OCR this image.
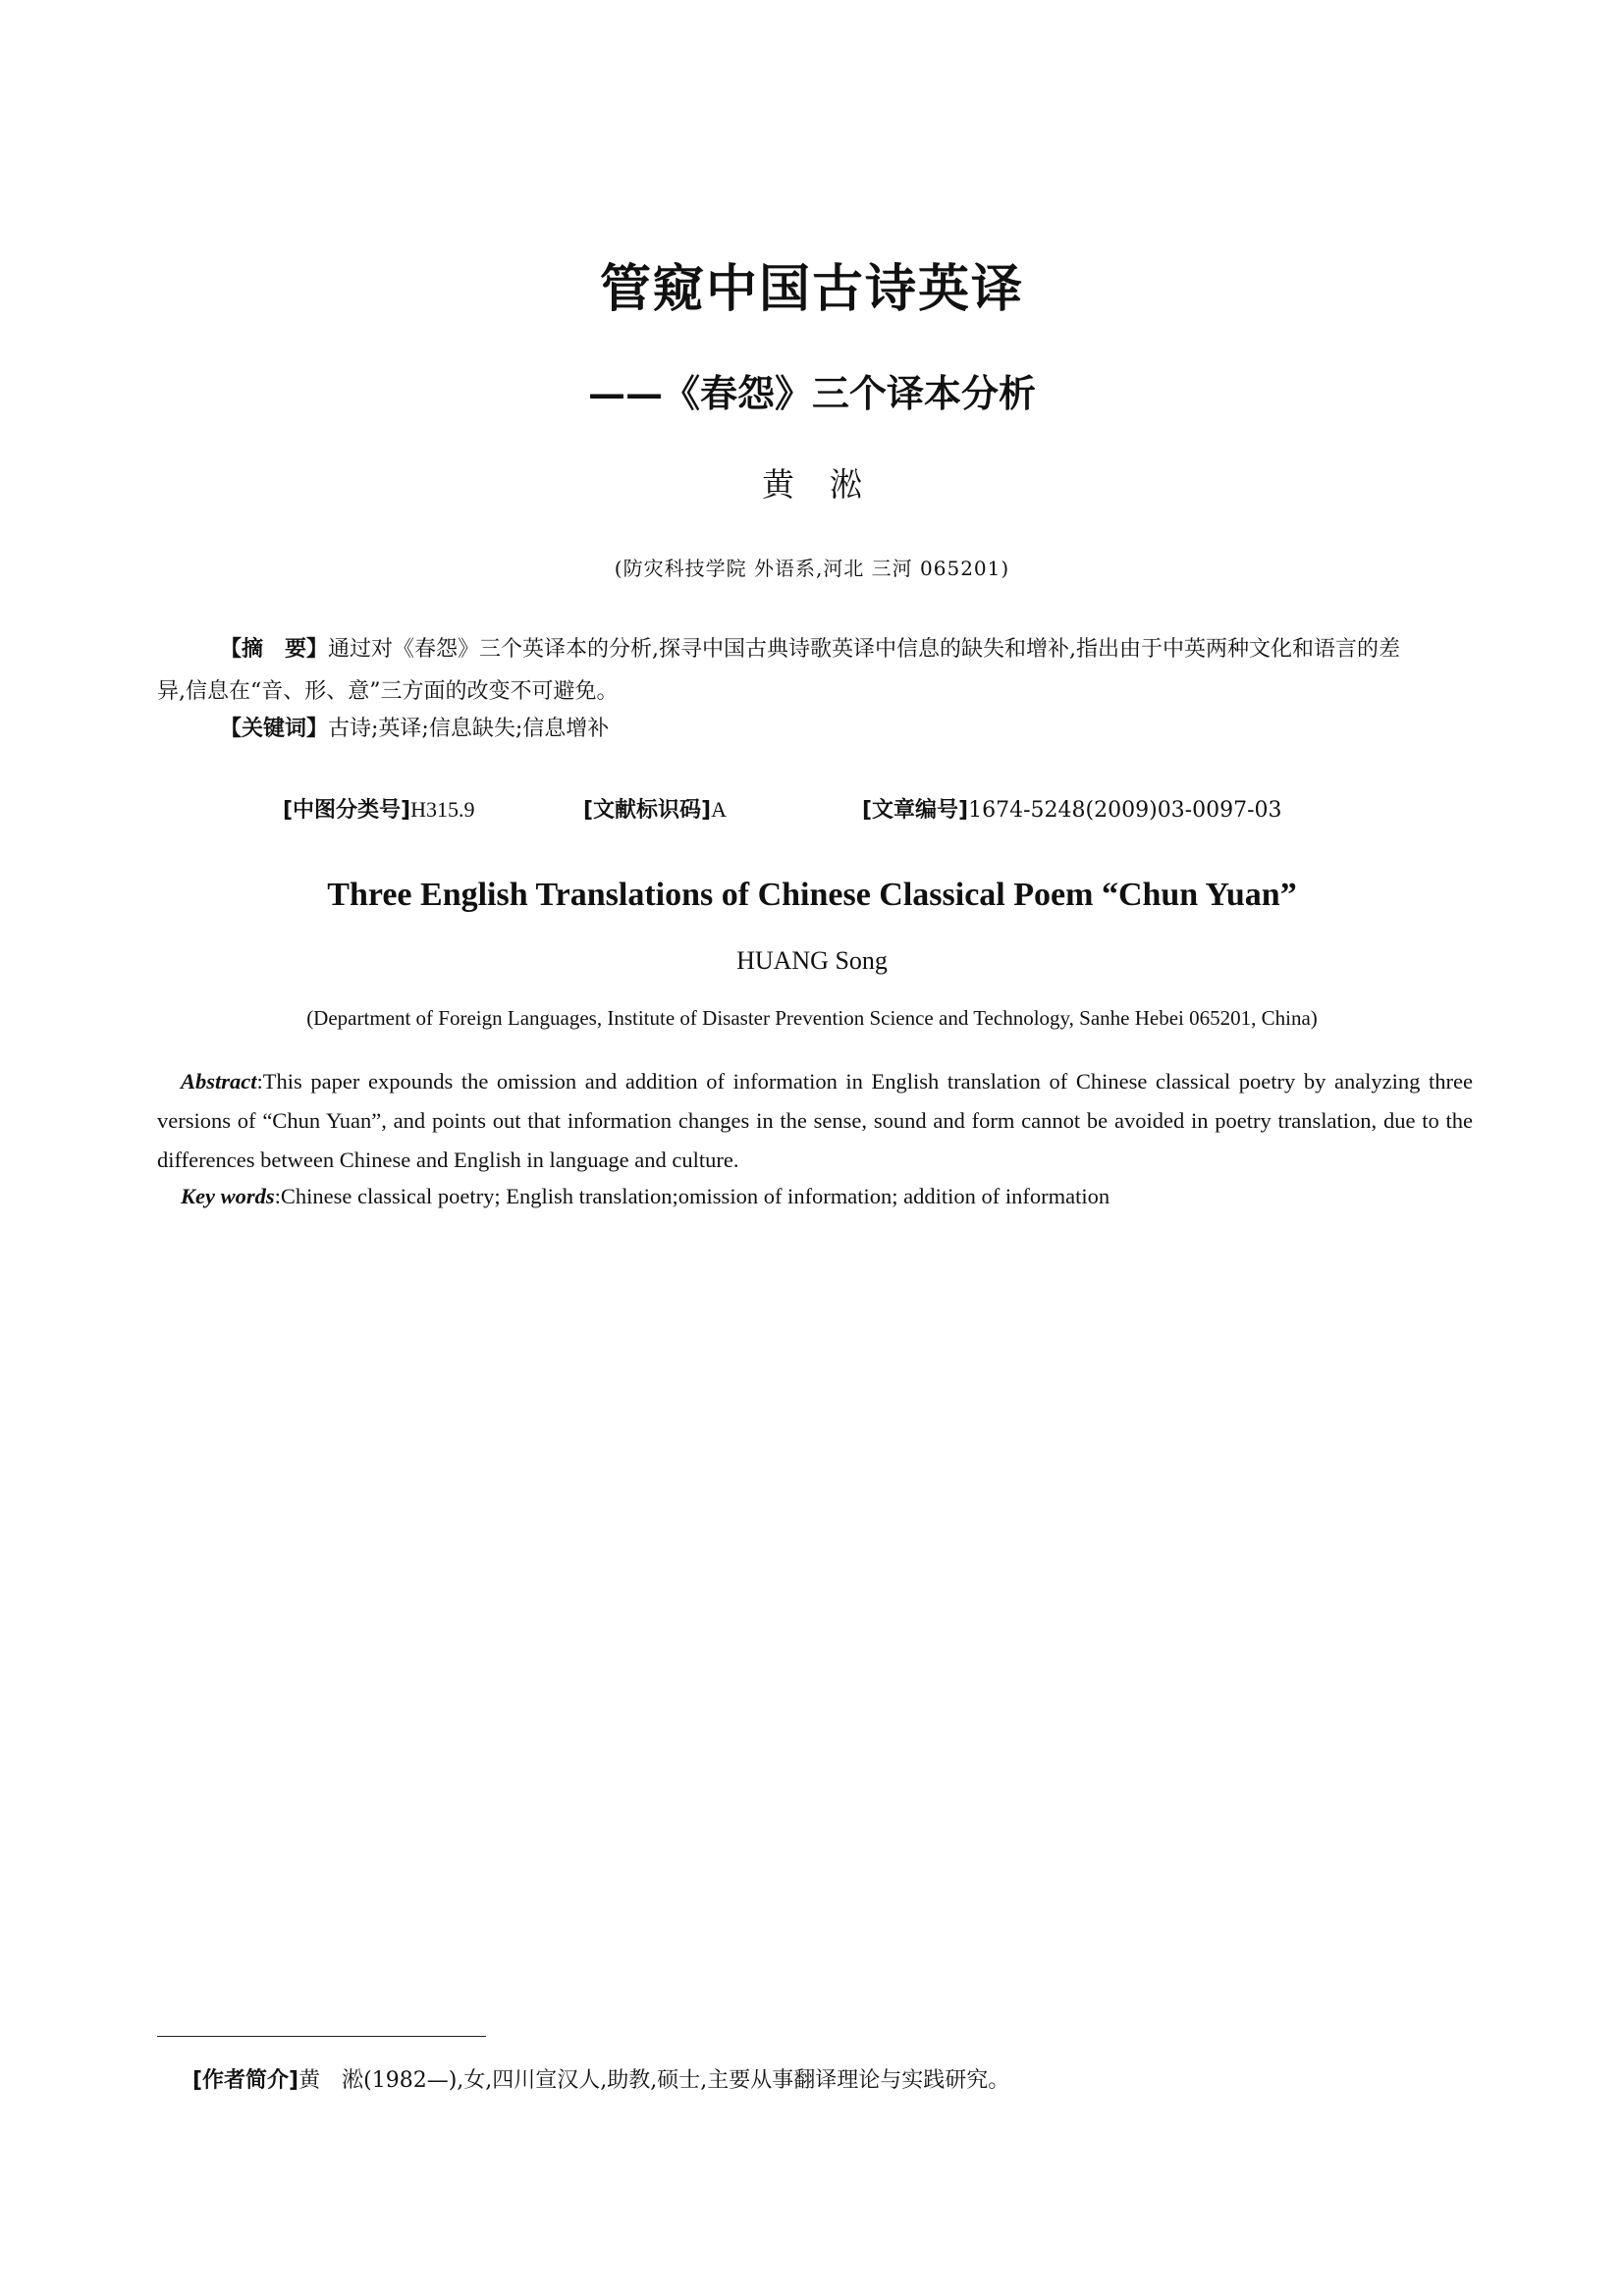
管窥中国古诗英译
——《春怨》三个译本分析
黄淞
(防灾科技学院 外语系,河北 三河 065201)
【摘　要】通过对《春怨》三个英译本的分析,探寻中国古典诗歌英译中信息的缺失和增补,指出由于中英两种文化和语言的差异,信息在“音、形、意”三方面的改变不可避免。
【关键词】古诗;英译;信息缺失;信息增补
[中图分类号]H315.9	[文献标识码]A	[文章编号]1674-5248(2009)03-0097-03
Three English Translations of Chinese Classical Poem “Chun Yuan”
HUANG Song
(Department of Foreign Languages, Institute of Disaster Prevention Science and Technology, Sanhe Hebei 065201, China)
Abstract:This paper expounds the omission and addition of information in English translation of Chinese classical poetry by analyzing three versions of “Chun Yuan”, and points out that information changes in the sense, sound and form cannot be avoided in poetry translation, due to the differences between Chinese and English in language and culture.
Key words:Chinese classical poetry; English translation;omission of information; addition of information
[作者简介]黄　淞(1982—),女,四川宣汉人,助教,硕士,主要从事翻译理论与实践研究。
